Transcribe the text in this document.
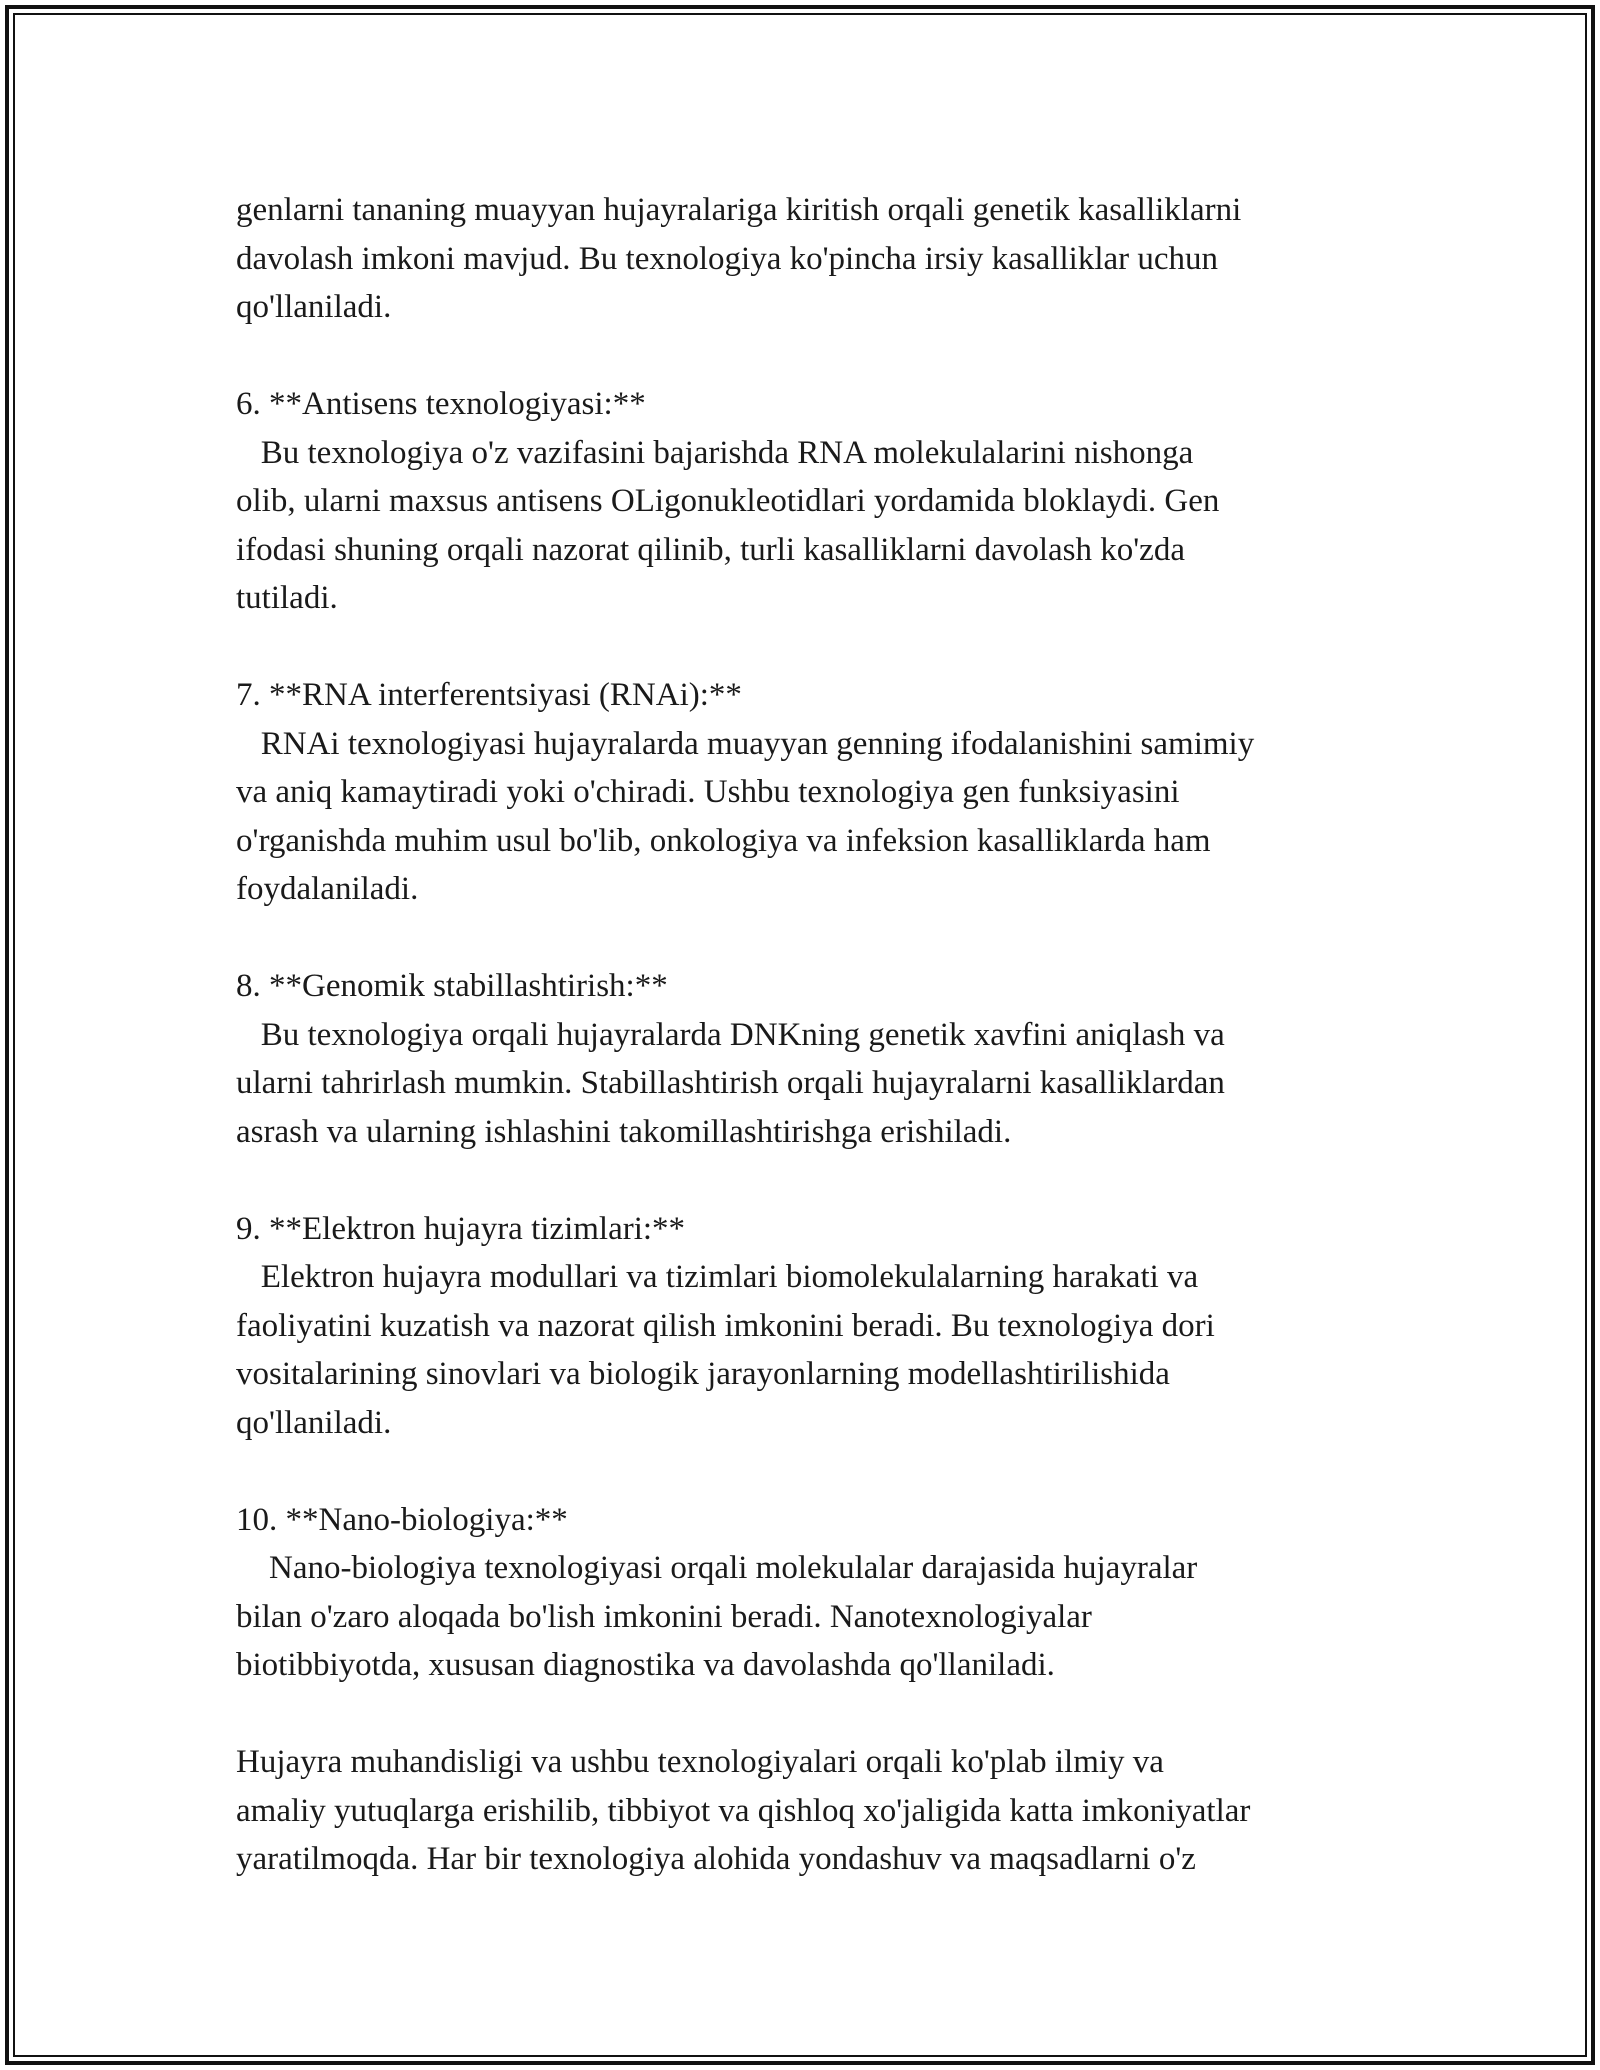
genlarni tananing muayyan hujayralariga kiritish orqali genetik kasalliklarni
davolash imkoni mavjud. Bu texnologiya ko'pincha irsiy kasalliklar uchun
qo'llaniladi.

6. **Antisens texnologiyasi:**

Bu texnologiya o'z vazifasini bajarishda RNA molekulalarini nishonga
olib, ularni maxsus antisens OLigonukleotidlari yordamida bloklaydi. Gen
ifodasi shuning orqali nazorat qilinib, turli kasalliklarni davolash ko'zda
tutiladi.

7. **RNA interferentsiyasi (RNAi):**

RNAi texnologiyasi hujayralarda muayyan genning ifodalanishini samimiy
va aniq kamaytiradi yoki o'chiradi. Ushbu texnologiya gen funksiyasini
o'rganishda muhim usul bo'lib, onkologiya va infeksion kasalliklarda ham
foydalaniladi.

8. **Genomik stabillashtirish:**

Bu texnologiya orqali hujayralarda DNKning genetik xavfini aniqlash va
ularni tahrirlash mumkin. Stabillashtirish orqali hujayralarni kasalliklardan
asrash va ularning ishlashini takomillashtirishga erishiladi.

9. **Elektron hujayra tizimlari:**

Elektron hujayra modullari va tizimlari biomolekulalarning harakati va
faoliyatini kuzatish va nazorat qilish imkonini beradi. Bu texnologiya dori
vositalarining sinovlari va biologik jarayonlarning modellashtirilishida
qo'llaniladi.

10. **Nano-biologiya:**

Nano-biologiya texnologiyasi orqali molekulalar darajasida hujayralar
bilan o'zaro aloqada bo'lish imkonini beradi. Nanotexnologiyalar
biotibbiyotda, xususan diagnostika va davolashda qo'llaniladi.

Hujayra muhandisligi va ushbu texnologiyalari orqali ko'plab ilmiy va
amaliy yutuqlarga erishilib, tibbiyot va qishloq xo'jaligida katta imkoniyatlar
yaratilmoqda. Har bir texnologiya alohida yondashuv va maqsadlarni o'z
